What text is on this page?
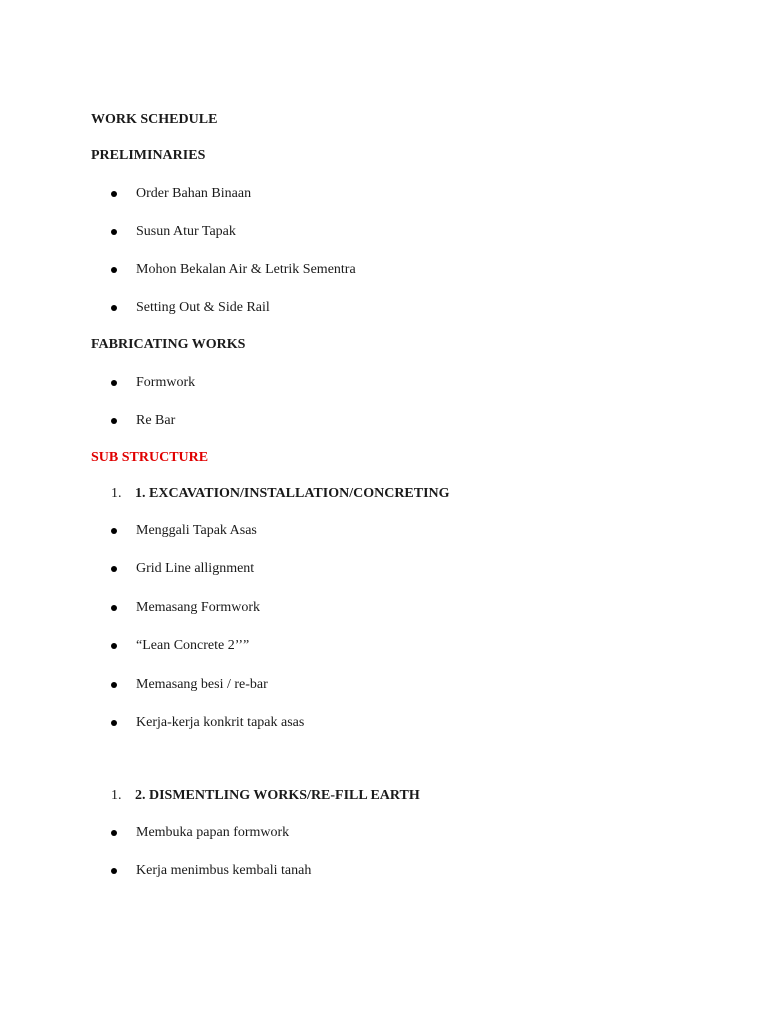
WORK SCHEDULE
PRELIMINARIES
Order Bahan Binaan
Susun Atur Tapak
Mohon Bekalan Air & Letrik Sementra
Setting Out & Side Rail
FABRICATING WORKS
Formwork
Re Bar
SUB STRUCTURE
1. 1. EXCAVATION/INSTALLATION/CONCRETING
Menggali Tapak Asas
Grid Line allignment
Memasang Formwork
“Lean Concrete 2’’”
Memasang besi / re-bar
Kerja-kerja konkrit tapak asas
1. 2. DISMENTLING WORKS/RE-FILL EARTH
Membuka papan formwork
Kerja menimbus kembali tanah
